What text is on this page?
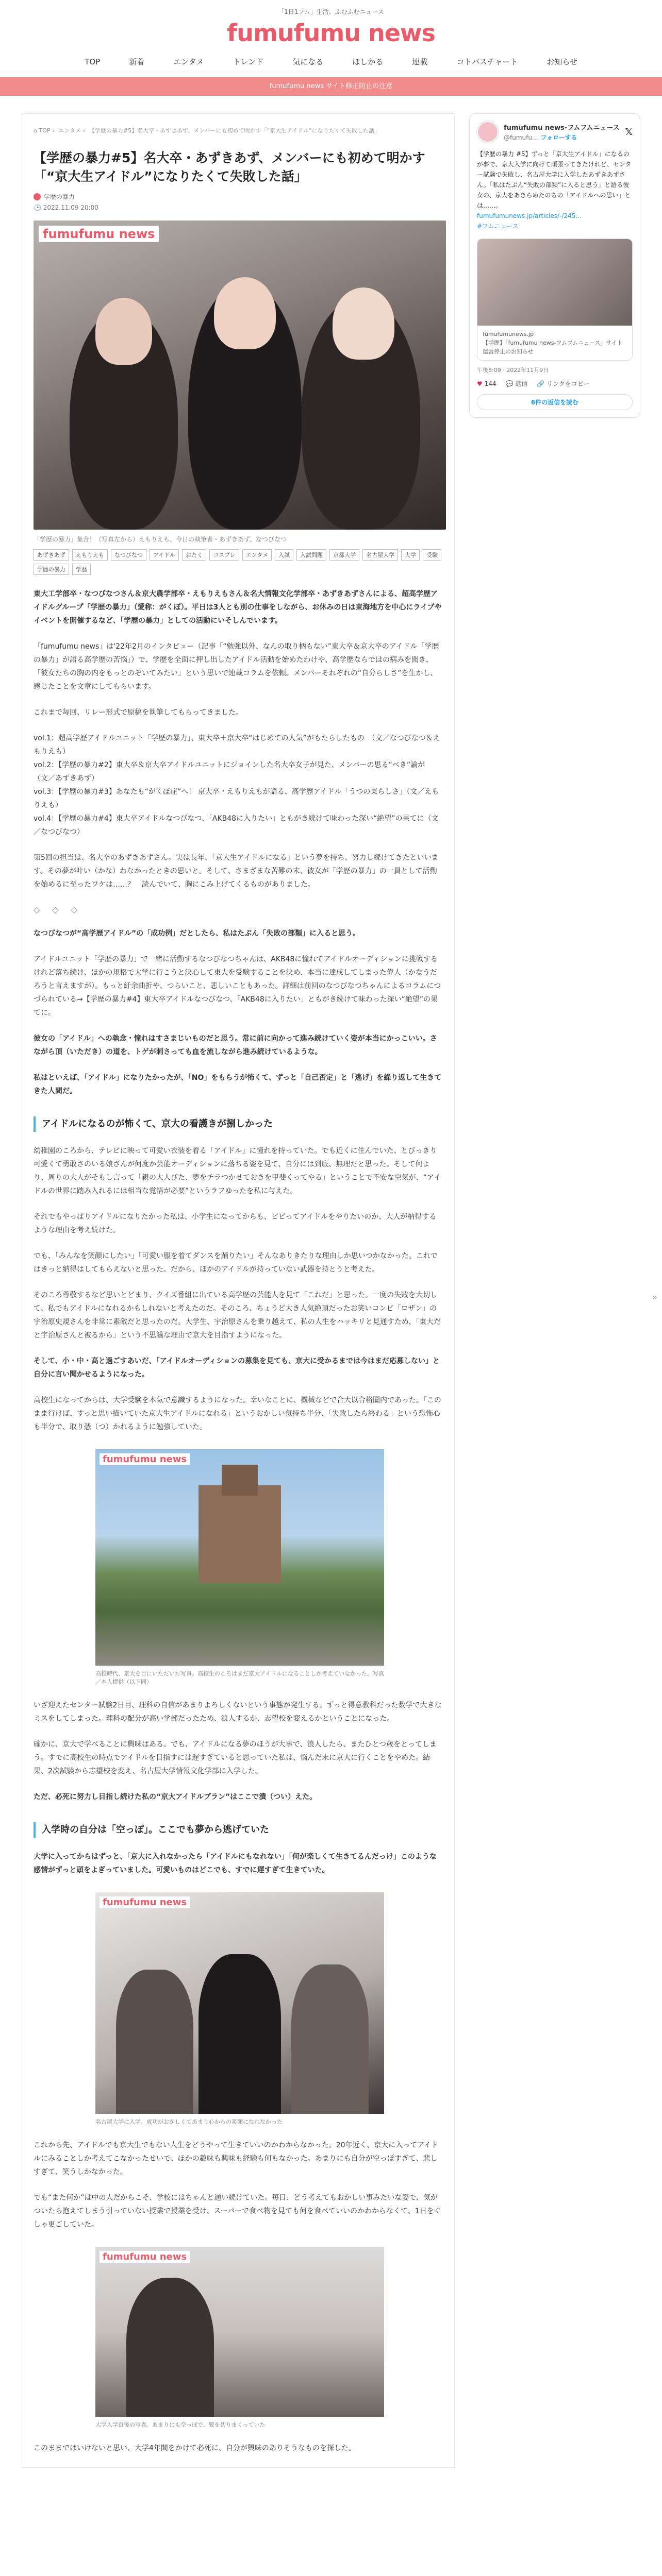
「1日1フム」生活。ふむふむニュース
fumufumu news
TOP	新着	エンタメ	トレンド	気になる	ほしかる	連載	コトバスチャート	お知らせ
fumufumu news サイト修正防止の注意
⌂ TOP › エンタメ › 【学歴の暴力#5】名大卒・あずきあず、メンバーにも初めて明かす「“京大生アイドル”になりたくて失敗した話」
【学歴の暴力#5】名大卒・あずきあず、メンバーにも初めて明かす「“京大生アイドル”になりたくて失敗した話」
学歴の暴力
🕒 2022.11.09 20:00
fumufumu news
「学歴の暴力」集合！（写真左から）えもりえも、今日の執筆者・あずきあず、なつびなつ
あずきあず	えもりえも	なつびなつ	アイドル	おたく	コスプレ	エンタメ	入試	入試問題	京都大学	名古屋大学	大学	受験
学歴の暴力	学歴
東大工学部卒・なつびなつさん＆京大農学部卒・えもりえもさん＆名大情報文化学部卒・あずきあずさんによる、超高学歴アイドルグループ「学歴の暴力」（愛称：がくぼ）。平日は3人とも別の仕事をしながら、お休みの日は東海地方を中心にライブやイベントを開催するなど、「学歴の暴力」としての活動にいそしんでいます。
「fumufumu news」は'22年2月のインタビュー（記事「“勉強以外、なんの取り柄もない”東大卒＆京大卒のアイドル「学歴の暴力」が語る高学歴の苦悩」）で、学歴を全面に押し出したアイドル活動を始めたわけや、高学歴ならではの病みを聞き、「彼女たちの胸の内をもっとのぞいてみたい」という思いで連載コラムを依頼。メンバーそれぞれの“自分らしさ”を生かし、感じたことを文章にしてもらいます。
これまで毎回、リレー形式で原稿を執筆してもらってきました。
vol.1：超高学歴アイドルユニット「学歴の暴力」、東大卒＋京大卒“はじめての人気”がもたらしたもの　（文／なつびなつ＆えもりえも）
vol.2：【学歴の暴力#2】東大卒＆京大卒アイドルユニットにジョインした名大卒女子が見た、メンバーの思る“べき”論が　（文／あずきあず）
vol.3：【学歴の暴力#3】あなたも“がくぼ症”へ！ 京大卒・えもりえもが語る、高学歴アイドル「うつの東らしさ」（文／えもりえも）
vol.4：【学歴の暴力#4】東大卒アイドルなつびなつ、「AKB48に入りたい」ともがき続けて味わった深い“絶望”の果てに（文／なつびなつ）
第5回の担当は、名大卒のあずきあずさん。実は長年、「京大生アイドルになる」という夢を持ち、努力し続けてきたといいます。その夢が叶い（かな）わなかったときの思いと。そして、さまざまな苦難の末、彼女が「学歴の暴力」の一員として活動を始めるに至ったワケは……？　読んでいて、胸にこみ上げてくるものがありました。
◇◇◇
なつびなつが“高学歴アイドル”の「成功例」だとしたら、私はたぶん「失敗の部類」に入ると思う。
アイドルユニット「学歴の暴力」で一緒に活動するなつびなつちゃんは、AKB48に憧れてアイドルオーディションに挑戦するけれど落ち続け、ほかの規格で大学に行こうと決心して東大を受験することを決め、本当に達成してしまった偉人（かなうだろうと言えますが）。もっと紆余曲折や、つらいこと、悲しいこともあった。詳細は前回のなつびなつちゃんによるコラムにつづられている→【学歴の暴力#4】東大卒アイドルなつびなつ、「AKB48に入りたい」ともがき続けて味わった深い“絶望”の果てに。
彼女の「アイドル」への執念・憧れはすさまじいものだと思う。常に前に向かって進み続けていく姿が本当にかっこいい。さながら頂（いただき）の道を、トゲが刺さっても血を流しながら進み続けているような。
私はといえば、「アイドル」になりたかったが、「NO」をもらうが怖くて、ずっと「自己否定」と「逃げ」を繰り返して生きてきた人間だ。
アイドルになるのが怖くて、京大の看護きが捌しかった
幼稚園のころから、テレビに映って可愛い衣装を着る「アイドル」に憧れを持っていた。でも近くに住んでいた、とびっきり可愛くて勇敢さのいる娘さんが何度か芸能オーディションに落ちる姿を見て、自分には到底、無理だと思った。そして何より、周りの大人がそもし言って「親の大人びた、夢をチラつかせておきを甲斐くってやる」ということで不安な空気が、“アイドルの世界に踏み入れるには相当な覚悟が必要”というラフゆったを私に与えた。
それでもやっぱりアイドルになりたかった私は、小学生になってからも、ビビってアイドルをやりたいのか、大人が納得するような理由を考え続けた。
でも、「みんなを笑顔にしたい」「可愛い服を着てダンスを踊りたい」そんなありきたりな理由しか思いつかなかった。これではきっと納得はしてもらえないと思った。だから、ほかのアイドルが持っていない武器を持とうと考えた。
そのころ尊敬するなど思いとどまり、クイズ番組に出ている高学歴の芸能人を見て「これだ」と思った。一度の失敗を大切して、私でもアイドルになれるかもしれないと考えたのだ。そのころ、ちょうど大き人気絶頂だったお笑いコンビ「ロザン」の宇治原史規さんを非常に素敵だと思ったのだ。大学生、宇治原さんを乗り越えて、私の人生をハッキリと見通すため、「東大だと宇治原さんと被るから」という不思議な理由で京大を目指すようになった。
そして、小・中・高と過ごすあいだ、「アイドルオーディションの募集を見ても、京大に受かるまでは今はまだ応募しない」と自分に言い聞かせるようになった。
高校生になってからは、大学受験を本気で意識するようになった。幸いなことに、機械などで合大以合格圏内であった。「このまま行けば、すっと思い描いていた京大生アイドルになれる」というおかしい気持ち半分、「失敗したら終わる」という恐怖心も半分で、取り憑（つ）かれるように勉強していた。
fumufumu news
高校時代、京大を目にいただいた写真。高校生のころはまだ京大アイドルになることしか考えていなかった。写真／本人提供（以下同）
いざ迎えたセンター試験2日目、理科の自信があまりよろしくないという事態が発生する。ずっと得意教科だった数学で大きなミスをしてしまった。理科の配分が高い学部だったため、浪人するか、志望校を変えるかということになった。
確かに、京大で学べることに興味はある。でも、アイドルになる夢のほうが大事で、浪人したら、またひとつ歳をとってしまう。すでに高校生の時点でアイドルを目指すには遅すぎていると思っていた私は、悩んだ末に京大に行くことをやめた。結果、2次試験から志望校を変え、名古屋大学情報文化学部に入学した。
ただ、必死に努力し目指し続けた私の“京大アイドルプラン”はここで潰（つい）えた。
入学時の自分は「空っぽ」。ここでも夢から逃げていた
大学に入ってからはずっと、「京大に入れなかったら「アイドルにもなれない」「何が楽しくて生きてるんだっけ」このような感情がずっと頭をよぎっていました。可愛いものはどこでも、すでに遅すぎて生きていた。
fumufumu news
名古屋大学に入学。成功がおかしくてあまり心からの笑顔になれなかった
これから先、アイドルでも京大生でもない人生をどうやって生きていいのかわからなかった。20年近く、京大に入ってアイドルにみることしか考えてこなかったせいで、ほかの趣味も興味も経験も何もなかった。あまりにも自分が空っぽすぎて、悲しすぎて、笑うしかなかった。
でも“また何か”は中の人だからこそ、学校にはちゃんと通い続けていた。毎日、どう考えてもおかしい事みたいな姿で、気がついたら抱えてしまう引っていない授業で授業を受け、スーパーで食べ物を見ても何を食べていいのかわからなくて、1日をぐしゃ更ごしていた。
fumufumu news
大学入学直後の写真。あまりにも空っぽで、髪を切りまくっていた
このままではいけないと思い、大学4年間をかけて必死に、自分が興味のありそうなものを探した。
fumufumu news-フムフムニュース
@fumufu... フォローする
𝕏
【学歴の暴力 #5】ずっと「京大生アイドル」になるのが夢で、京大入学に向けて頑張ってきたけれど、センター試験で失敗し、名古屋大学に入学したあずきあずさん。「私はたぶん“失敗の部類”に入ると思う」と語る彼女の、京大をあきらめたのちの「アイドルへの思い」とは……。
fumufumunews.jp/articles/-/245...
#フムニュース
fumufumunews.jp
【学歴】「fumufumu news-フムフムニュース」サイト運営停止のお知らせ
午後8:09 · 2022年11月9日
♥ 144 💬 返信 🔗 リンクをコピー
6件の返信を読む
»
